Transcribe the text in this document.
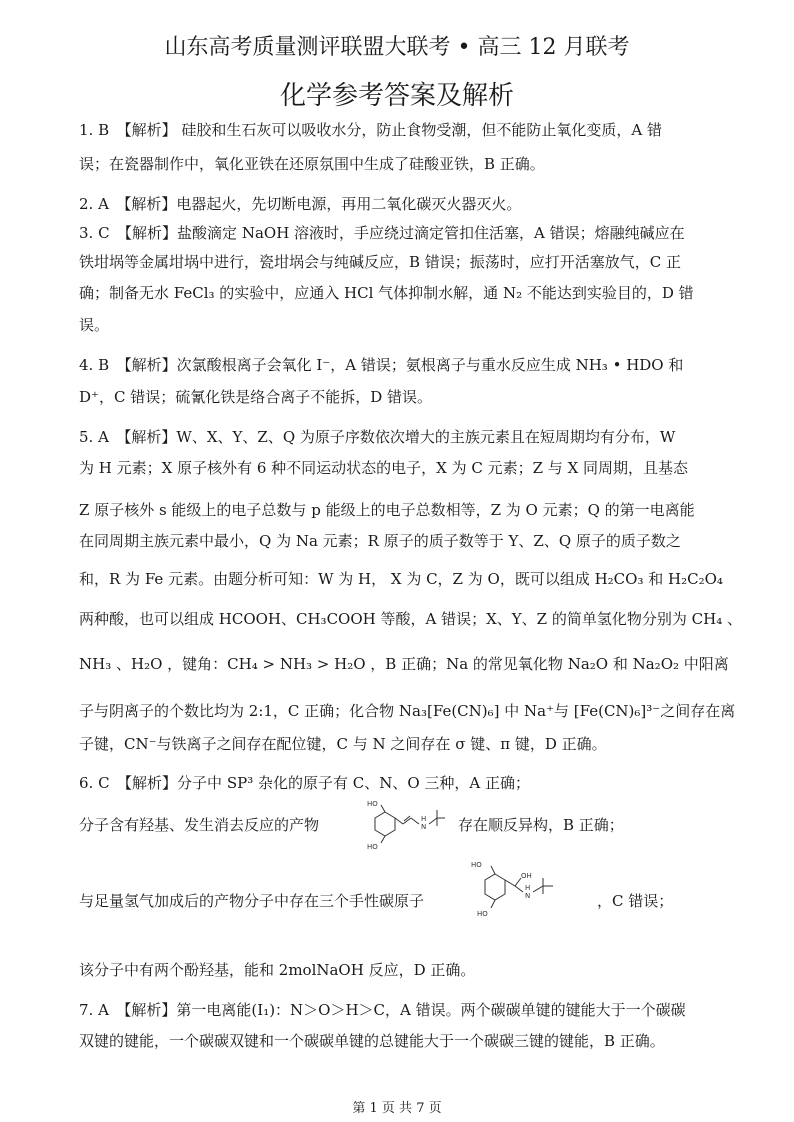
山东高考质量测评联盟大联考 • 高三 12 月联考
化学参考答案及解析
1. B　【解析】 硅胶和生石灰可以吸收水分，防止食物受潮，但不能防止氧化变质，A 错
误；在瓷器制作中，氧化亚铁在还原氛围中生成了硅酸亚铁，B 正确。
2. A　【解析】电器起火，先切断电源，再用二氧化碳灭火器灭火。
3. C　【解析】盐酸滴定 NaOH 溶液时，手应绕过滴定管扣住活塞，A 错误；熔融纯碱应在
铁坩埚等金属坩埚中进行，瓷坩埚会与纯碱反应，B 错误；振荡时，应打开活塞放气，C 正
确；制备无水 FeCl₃ 的实验中，应通入 HCl 气体抑制水解，通 N₂ 不能达到实验目的，D 错
误。
4. B　【解析】次氯酸根离子会氧化 I⁻，A 错误；氨根离子与重水反应生成 NH₃ • HDO 和
D⁺，C 错误；硫氰化铁是络合离子不能拆，D 错误。
5. A　【解析】W、X、Y、Z、Q 为原子序数依次增大的主族元素且在短周期均有分布，W
为 H 元素；X 原子核外有 6 种不同运动状态的电子，X 为 C 元素；Z 与 X 同周期，且基态
Z 原子核外 s 能级上的电子总数与 p 能级上的电子总数相等，Z 为 O 元素；Q 的第一电离能
在同周期主族元素中最小，Q 为 Na 元素；R 原子的质子数等于 Y、Z、Q 原子的质子数之
和，R 为 Fe 元素。由题分析可知：W 为 H， X 为 C，Z 为 O，既可以组成 H₂CO₃ 和 H₂C₂O₄
两种酸，也可以组成 HCOOH、CH₃COOH 等酸，A 错误；X、Y、Z 的简单氢化物分别为 CH₄ 、
NH₃ 、H₂O ，键角：CH₄ > NH₃ > H₂O ，B 正确；Na 的常见氧化物 Na₂O 和 Na₂O₂ 中阳离
子与阴离子的个数比均为 2:1，C 正确；化合物 Na₃[Fe(CN)₆] 中 Na⁺与 [Fe(CN)₆]³⁻之间存在离
子键，CN⁻与铁离子之间存在配位键，C 与 N 之间存在 σ 键、π 键，D 正确。
6. C　【解析】分子中 SP³ 杂化的原子有 C、N、O 三种，A 正确；
分子含有羟基、发生消去反应的产物
HO
HO
H
N 存在顺反异构，B 正确；
与足量氢气加成后的产物分子中存在三个手性碳原子
HO
HO
OH
H
N	，C 错误；
该分子中有两个酚羟基，能和 2molNaOH 反应，D 正确。
7. A　【解析】第一电离能(I₁)：N＞O＞H＞C，A 错误。两个碳碳单键的键能大于一个碳碳
双键的键能，一个碳碳双键和一个碳碳单键的总键能大于一个碳碳三键的键能，B 正确。
第 1 页 共 7 页
